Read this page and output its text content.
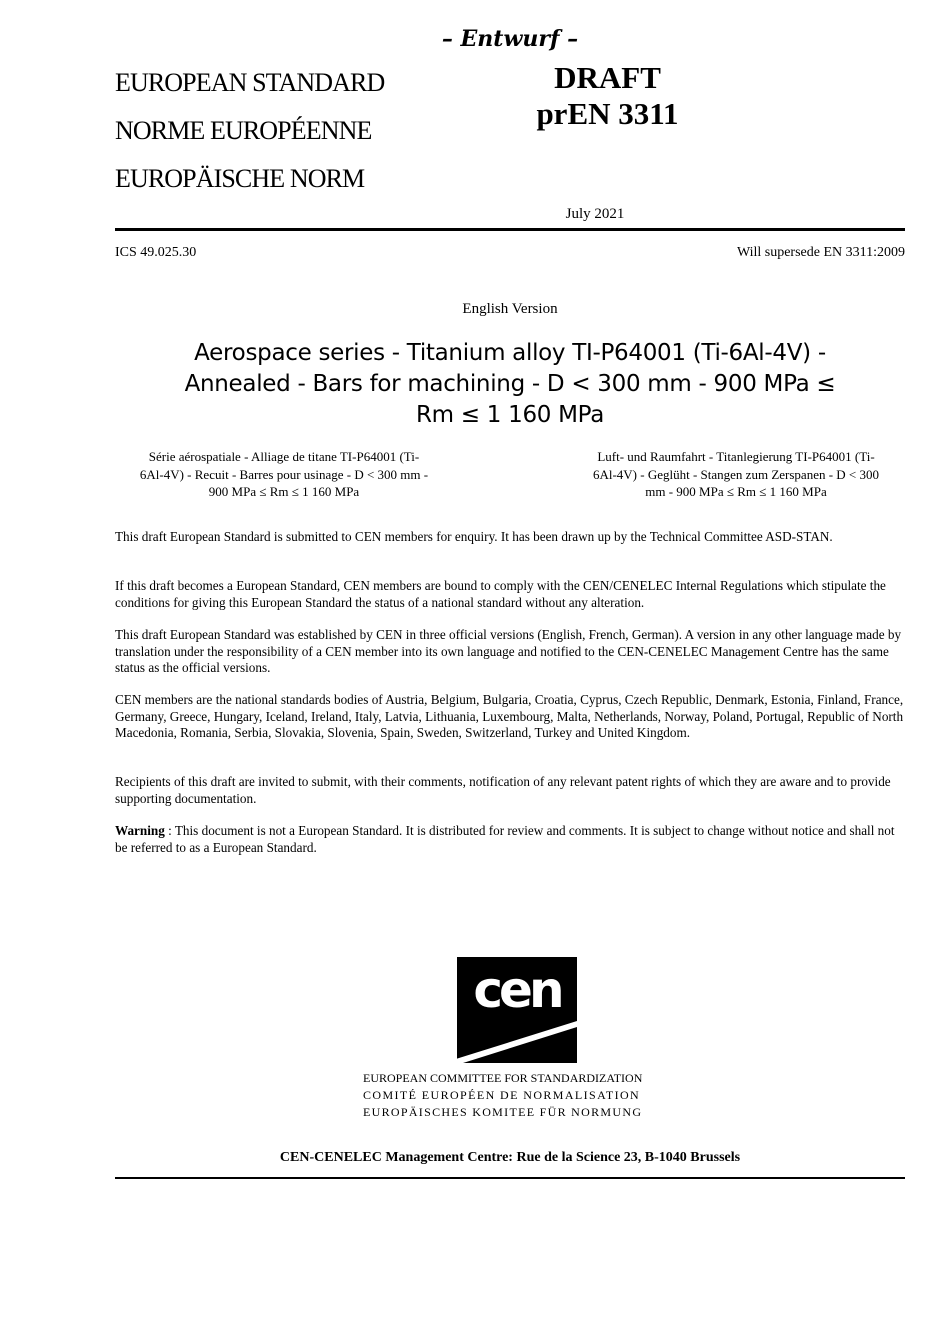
– Entwurf –
EUROPEAN STANDARD
NORME EUROPÉENNE
EUROPÄISCHE NORM
DRAFT
prEN 3311
July 2021
ICS 49.025.30	Will supersede EN 3311:2009
English Version
Aerospace series - Titanium alloy TI-P64001 (Ti-6Al-4V) -
Annealed - Bars for machining - D < 300 mm - 900 MPa ≤
Rm ≤ 1 160 MPa
Série aérospatiale - Alliage de titane TI-P64001 (Ti-
6Al-4V) - Recuit - Barres pour usinage - D < 300 mm -
900 MPa ≤ Rm ≤ 1 160 MPa
Luft- und Raumfahrt - Titanlegierung TI-P64001 (Ti-
6Al-4V) - Geglüht - Stangen zum Zerspanen - D < 300
mm - 900 MPa ≤ Rm ≤ 1 160 MPa
This draft European Standard is submitted to CEN members for enquiry. It has been drawn up by the Technical Committee ASD-STAN.
If this draft becomes a European Standard, CEN members are bound to comply with the CEN/CENELEC Internal Regulations which stipulate the conditions for giving this European Standard the status of a national standard without any alteration.
This draft European Standard was established by CEN in three official versions (English, French, German). A version in any other language made by translation under the responsibility of a CEN member into its own language and notified to the CEN-CENELEC Management Centre has the same status as the official versions.
CEN members are the national standards bodies of Austria, Belgium, Bulgaria, Croatia, Cyprus, Czech Republic, Denmark, Estonia, Finland, France, Germany, Greece, Hungary, Iceland, Ireland, Italy, Latvia, Lithuania, Luxembourg, Malta, Netherlands, Norway, Poland, Portugal, Republic of North Macedonia, Romania, Serbia, Slovakia, Slovenia, Spain, Sweden, Switzerland, Turkey and United Kingdom.
Recipients of this draft are invited to submit, with their comments, notification of any relevant patent rights of which they are aware and to provide supporting documentation.
Warning : This document is not a European Standard. It is distributed for review and comments. It is subject to change without notice and shall not be referred to as a European Standard.
cen
EUROPEAN COMMITTEE FOR STANDARDIZATION
COMITÉ EUROPÉEN DE NORMALISATION
EUROPÄISCHES KOMITEE FÜR NORMUNG
CEN-CENELEC Management Centre: Rue de la Science 23, B-1040 Brussels
